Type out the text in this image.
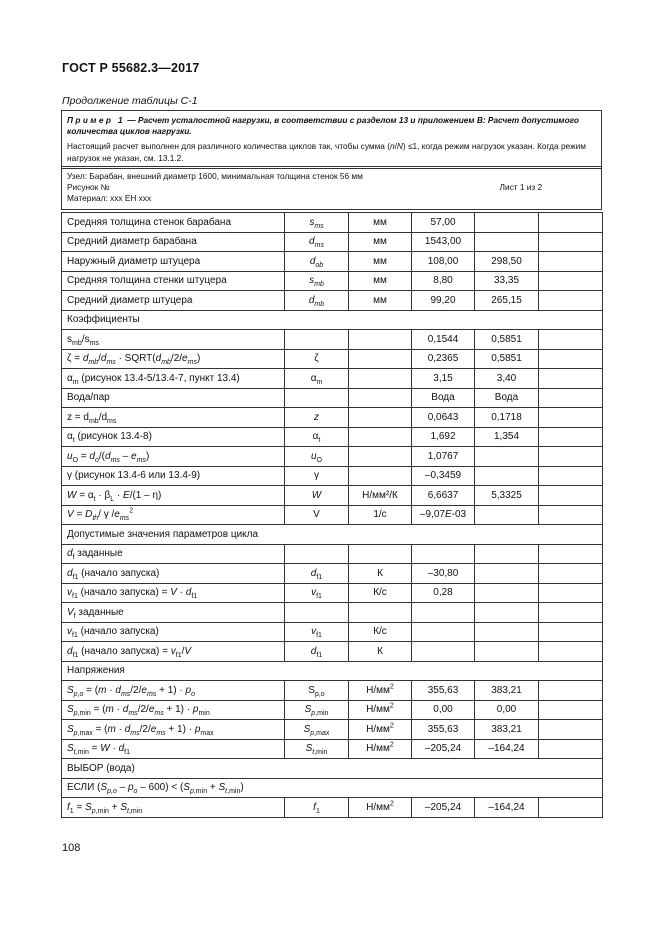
ГОСТ Р 55682.3—2017
Продолжение таблицы С-1
Пример 1 — Расчет усталостной нагрузки, в соответствии с разделом 13 и приложением В: Расчет допустимого количества циклов нагрузки.
Настоящий расчет выполнен для различного количества циклов так, чтобы сумма (n/N) ≤1, когда режим нагрузок указан. Когда режим нагрузок не указан, см. 13.1.2.
Узел: Барабан, внешний диаметр 1600, минимальная толщина стенок 56 мм
Рисунок №
Материал: ххх ЕН ххх
	Лист 1 из 2
Средняя толщина стенок барабана	$s_{ms}$	мм	57,00		
Средний диаметр барабана	$d_{ms}$	мм	1543,00		
Наружный диаметр штуцера	$d_{ob}$	мм	108,00	298,50	
Средняя толщина стенки штуцера	$s_{mb}$	мм	8,80	33,35	
Средний диаметр штуцера	$d_{mb}$	мм	99,20	265,15	
Коэффициенты					
$s_{mb}/s_{ms}$			0,1544	0,5851	
$\zeta = d_{mb}/d_{ms}$ · $SQRT(d_{mb}/2/e_{ms})$	ζ		0,2365	0,5851	
$\alpha_m$ (рисунок 13.4-5/13.4-7, пункт 13.4)	$\alpha_m$		3,15	3,40	
Вода/пар			Вода	Вода	
$z = d_{mb}/d_{ms}$	z		0,0643	0,1718	
$\alpha_t$ (рисунок 13.4-8)	$\alpha_t$		1,692	1,354	
$u_O = d_o/(d_{ms} - e_{ms})$	$u_O$		1,0767		
γ (рисунок 13.4-6 или 13.4-9)	γ		–0,3459		
$W = \alpha_t \cdot \beta_L \cdot E/(1 - \eta)$	W	Н/мм²/К	6,6637	5,3325	
$V = D_{th}/$ γ $/e_{ms}^2$	V	1/с	–9,07E-03		
Допустимые значения параметров цикла					
$d_f$ заданные					
$d_{f1}$ (начало запуска)	$d_{f1}$	К	–30,80		
$v_{f1}$ (начало запуска) = $V \cdot d_{f1}$	$v_{f1}$	К/с	0,28		
$V_f$ заданные					
$v_{f1}$ (начало запуска)	$v_{f1}$	К/с			
$d_{f1}$ (начало запуска) = $v_{f1}/V$	$d_{f1}$	К			
Напряжения					
$S_{p,o} = (m \cdot d_{ms}/2/e_{ms} + 1) \cdot p_o$	$S_{p,o}$	$Н/мм^2$	355,63	383,21	
$S_{p,min} = (m \cdot d_{ms}/2/e_{ms} + 1) \cdot p_{min}$	$S_{p,min}$	$Н/мм^2$	0,00	0,00	
$S_{p,max} = (m \cdot d_{ms}/2/e_{ms} + 1) \cdot p_{max}$	$S_{p,max}$	$Н/мм^2$	355,63	383,21	
$S_{t,min} = W \cdot d_{f1}$	$S_{t,min}$	$Н/мм^2$	–205,24	–164,24	
ВЫБОР (вода)					
ЕСЛИ $(S_{p,o} - p_o - 600) < (S_{p,min} + S_{t,min})$					
$f_1 = S_{p,min} + S_{t,min}$	$f_1$	$Н/мм^2$	–205,24	–164,24	
108
